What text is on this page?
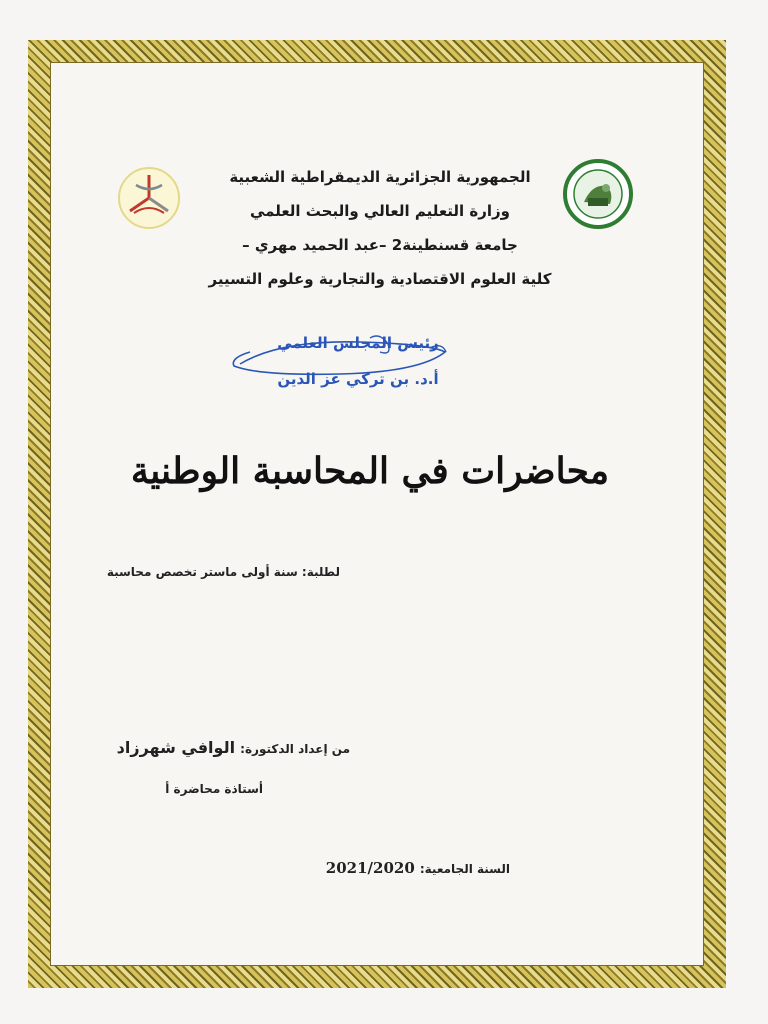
الجمهورية الجزائرية الديمقراطية الشعبية
وزارة التعليم العالي والبحث العلمي
جامعة قسنطينة2 –عبد الحميد مهري –
كلية العلوم الاقتصادية والتجارية وعلوم التسيير
رئيس المجلس العلمي
أ.د. بن تركي عز الدين
محاضرات في المحاسبة الوطنية
لطلبة: سنة أولى ماستر تخصص محاسبة
من إعداد الدكتورة: الوافي شهرزاد
أستاذة محاضرة أ
السنة الجامعية: 2021/2020
